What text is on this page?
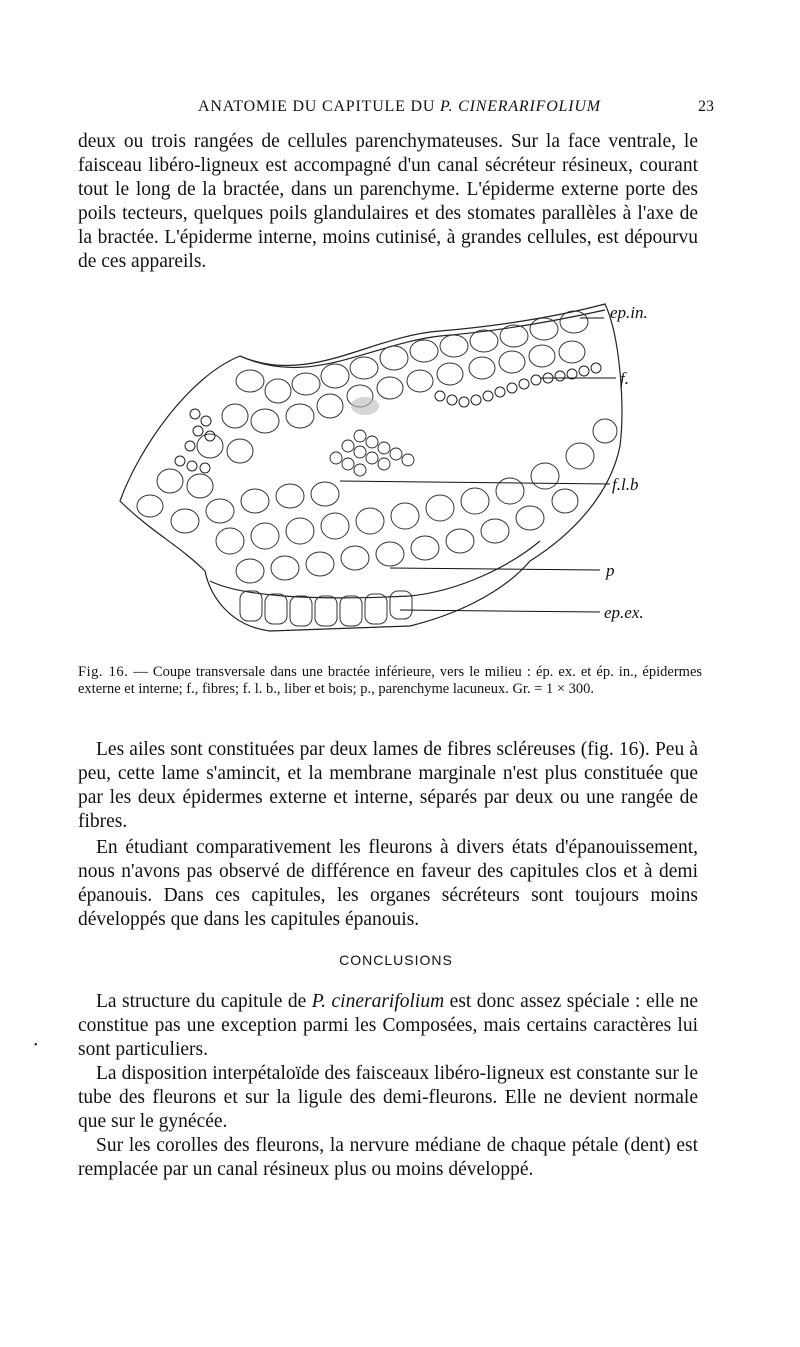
ANATOMIE DU CAPITULE DU P. CINERARIFOLIUM	23

deux ou trois rangées de cellules parenchymateuses. Sur la face ventrale, le faisceau libéro-ligneux est accompagné d'un canal sécréteur résineux, courant tout le long de la bractée, dans un parenchyme. L'épiderme externe porte des poils tecteurs, quelques poils glandulaires et des stomates parallèles à l'axe de la bractée. L'épiderme interne, moins cutinisé, à grandes cellules, est dépourvu de ces appareils.

ep.in.
f.
f.l.b
p
ep.ex.

Fig. 16. — Coupe transversale dans une bractée inférieure, vers le milieu : ép. ex. et ép. in., épidermes externe et interne; f., fibres; f. l. b., liber et bois; p., parenchyme lacuneux. Gr. = 1 × 300.

Les ailes sont constituées par deux lames de fibres scléreuses (fig. 16). Peu à peu, cette lame s'amincit, et la membrane marginale n'est plus constituée que par les deux épidermes externe et interne, séparés par deux ou une rangée de fibres.

En étudiant comparativement les fleurons à divers états d'épanouissement, nous n'avons pas observé de différence en faveur des capitules clos et à demi épanouis. Dans ces capitules, les organes sécréteurs sont toujours moins développés que dans les capitules épanouis.

CONCLUSIONS

La structure du capitule de P. cinerarifolium est donc assez spéciale : elle ne constitue pas une exception parmi les Composées, mais certains caractères lui sont particuliers.

•

La disposition interpétaloïde des faisceaux libéro-ligneux est constante sur le tube des fleurons et sur la ligule des demi-fleurons. Elle ne devient normale que sur le gynécée.

Sur les corolles des fleurons, la nervure médiane de chaque pétale (dent) est remplacée par un canal résineux plus ou moins développé.
